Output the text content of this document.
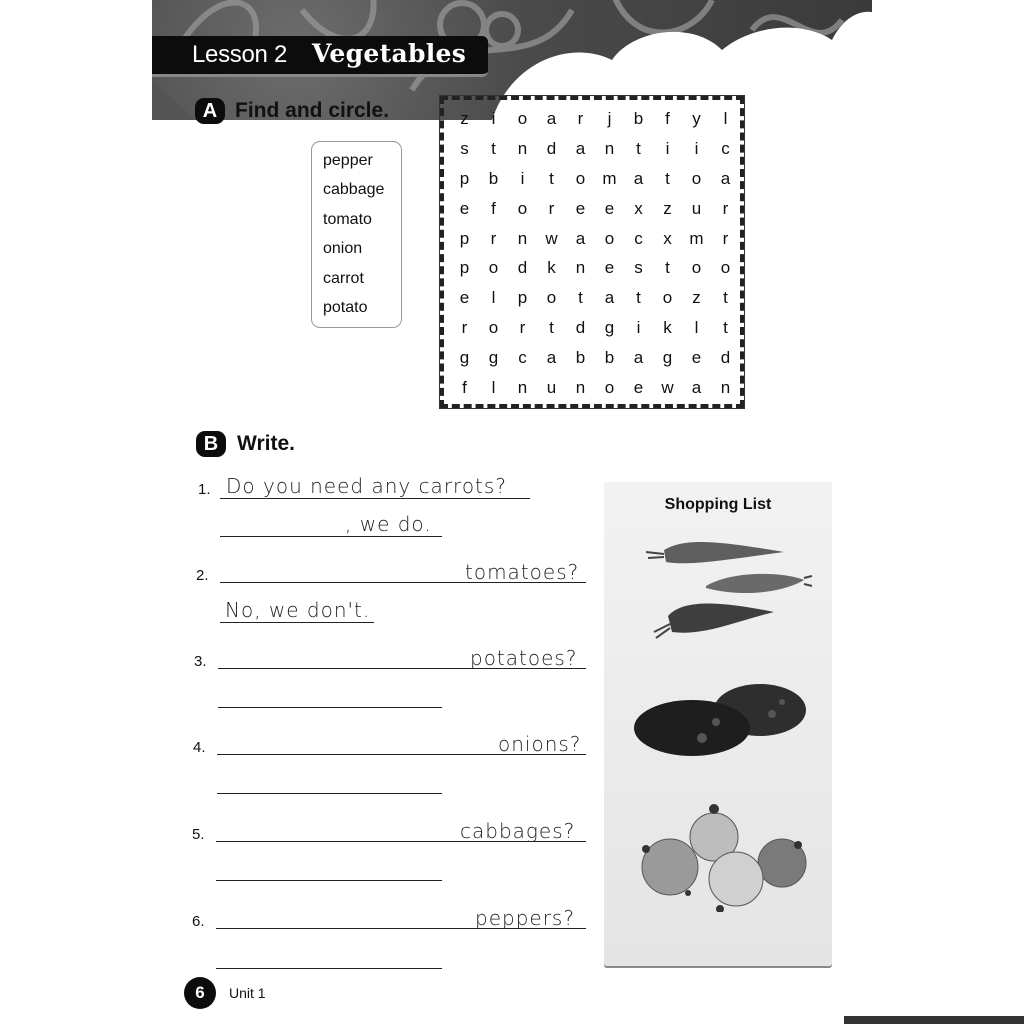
Lesson 2 Vegetables
A Find and circle.
pepper
cabbage
tomato
onion
carrot
potato
z	i	o	a	r	j	b	f	y	l
s	t	n	d	a	n	t	i	i	c
p	b	i	t	o	m	a	t	o	a
e	f	o	r	e	e	x	z	u	r
p	r	n	w	a	o	c	x	m	r
p	o	d	k	n	e	s	t	o	o
e	l	p	o	t	a	t	o	z	t
r	o	r	t	d	g	i	k	l	t
g	g	c	a	b	b	a	g	e	d
f	l	n	u	n	o	e	w	a	n
B Write.
1. Do you need any carrots?
, we do.
2.	tomatoes?
No, we don't.
3.	potatoes?
4.	onions?
5.	cabbages?
6.	peppers?
Shopping List
6	Unit 1
